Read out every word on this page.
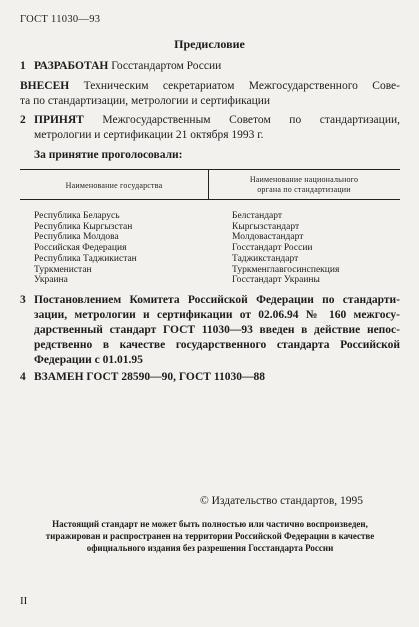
ГОСТ 11030—93
Предисловие
1 РАЗРАБОТАН Госстандартом России
ВНЕСЕН Техническим секретариатом Межгосударственного Сове-
та по стандартизации, метрологии и сертификации
2 ПРИНЯТ Межгосударственным Советом по стандартизации,
метрологии и сертификации 21 октября 1993 г.
За принятие проголосовали:
Наименование государства
Наименование национального
органа по стандартизации
Республика Беларусь
Республика Кыргызстан
Республика Молдова
Российская Федерация
Республика Таджикистан
Туркменистан
Украина
Белстандарт
Кыргызстандарт
Молдовастандарт
Госстандарт России
Таджикстандарт
Туркменглавгосинспекция
Госстандарт Украины
3 Постановлением Комитета Российской Федерации по стандарти-
зации, метрологии и сертификации от 02.06.94 № 160 межгосу-
дарственный стандарт ГОСТ 11030—93 введен в действие непос-
редственно в качестве государственного стандарта Российской
Федерации с 01.01.95
4 ВЗАМЕН ГОСТ 28590—90, ГОСТ 11030—88
© Издательство стандартов, 1995
Настоящий стандарт не может быть полностью или частично воспроизведен,
тиражирован и распространен на территории Российской Федерации в качестве
официального издания без разрешения Госстандарта России
II
